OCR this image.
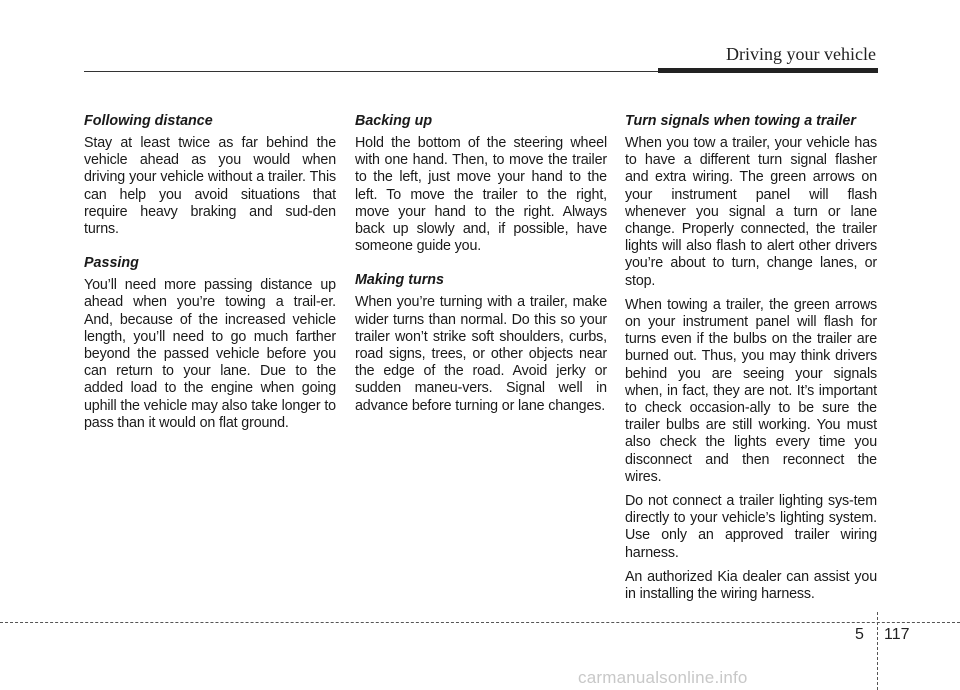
Driving your vehicle
Following distance

Stay at least twice as far behind the vehicle ahead as you would when driving your vehicle without a trailer. This can help you avoid situations that require heavy braking and sud-den turns.

Passing

You’ll need more passing distance up ahead when you’re towing a trail-er. And, because of the increased vehicle length, you’ll need to go much farther beyond the passed vehicle before you can return to your lane. Due to the added load to the engine when going uphill the vehicle may also take longer to pass than it would on flat ground.

Backing up

Hold the bottom of the steering wheel with one hand. Then, to move the trailer to the left, just move your hand to the left. To move the trailer to the right, move your hand to the right. Always back up slowly and, if possible, have someone guide you.

Making turns

When you’re turning with a trailer, make wider turns than normal. Do this so your trailer won’t strike soft shoulders, curbs, road signs, trees, or other objects near the edge of the road. Avoid jerky or sudden maneu-vers. Signal well in advance before turning or lane changes.

Turn signals when towing a trailer

When you tow a trailer, your vehicle has to have a different turn signal flasher and extra wiring. The green arrows on your instrument panel will flash whenever you signal a turn or lane change. Properly connected, the trailer lights will also flash to alert other drivers you’re about to turn, change lanes, or stop.

When towing a trailer, the green arrows on your instrument panel will flash for turns even if the bulbs on the trailer are burned out. Thus, you may think drivers behind you are seeing your signals when, in fact, they are not. It’s important to check occasion-ally to be sure the trailer bulbs are still working. You must also check the lights every time you disconnect and then reconnect the wires.

Do not connect a trailer lighting sys-tem directly to your vehicle’s lighting system. Use only an approved trailer wiring harness.

An authorized Kia dealer can assist you in installing the wiring harness.

5 117
carmanualsonline.info
